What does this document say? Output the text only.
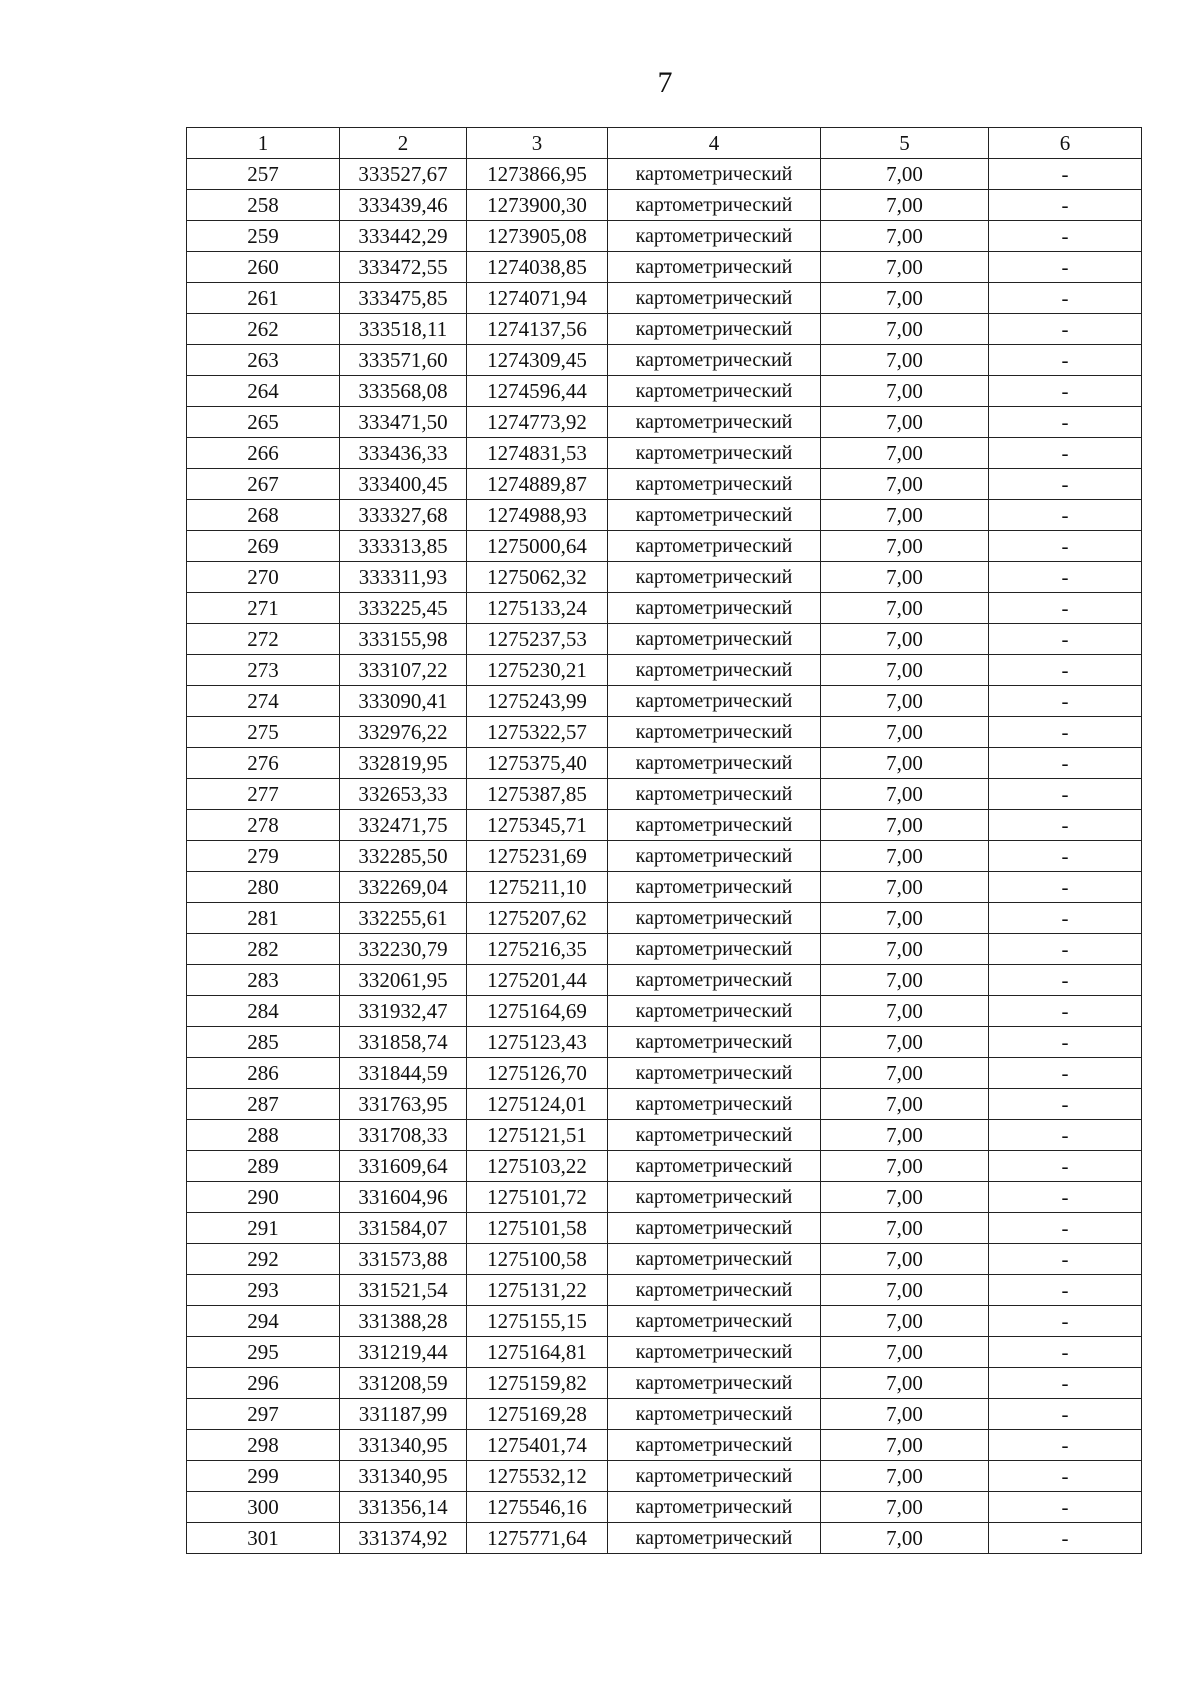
7
1	2	3	4	5	6
257	333527,67	1273866,95	картометрический	7,00	-
258	333439,46	1273900,30	картометрический	7,00	-
259	333442,29	1273905,08	картометрический	7,00	-
260	333472,55	1274038,85	картометрический	7,00	-
261	333475,85	1274071,94	картометрический	7,00	-
262	333518,11	1274137,56	картометрический	7,00	-
263	333571,60	1274309,45	картометрический	7,00	-
264	333568,08	1274596,44	картометрический	7,00	-
265	333471,50	1274773,92	картометрический	7,00	-
266	333436,33	1274831,53	картометрический	7,00	-
267	333400,45	1274889,87	картометрический	7,00	-
268	333327,68	1274988,93	картометрический	7,00	-
269	333313,85	1275000,64	картометрический	7,00	-
270	333311,93	1275062,32	картометрический	7,00	-
271	333225,45	1275133,24	картометрический	7,00	-
272	333155,98	1275237,53	картометрический	7,00	-
273	333107,22	1275230,21	картометрический	7,00	-
274	333090,41	1275243,99	картометрический	7,00	-
275	332976,22	1275322,57	картометрический	7,00	-
276	332819,95	1275375,40	картометрический	7,00	-
277	332653,33	1275387,85	картометрический	7,00	-
278	332471,75	1275345,71	картометрический	7,00	-
279	332285,50	1275231,69	картометрический	7,00	-
280	332269,04	1275211,10	картометрический	7,00	-
281	332255,61	1275207,62	картометрический	7,00	-
282	332230,79	1275216,35	картометрический	7,00	-
283	332061,95	1275201,44	картометрический	7,00	-
284	331932,47	1275164,69	картометрический	7,00	-
285	331858,74	1275123,43	картометрический	7,00	-
286	331844,59	1275126,70	картометрический	7,00	-
287	331763,95	1275124,01	картометрический	7,00	-
288	331708,33	1275121,51	картометрический	7,00	-
289	331609,64	1275103,22	картометрический	7,00	-
290	331604,96	1275101,72	картометрический	7,00	-
291	331584,07	1275101,58	картометрический	7,00	-
292	331573,88	1275100,58	картометрический	7,00	-
293	331521,54	1275131,22	картометрический	7,00	-
294	331388,28	1275155,15	картометрический	7,00	-
295	331219,44	1275164,81	картометрический	7,00	-
296	331208,59	1275159,82	картометрический	7,00	-
297	331187,99	1275169,28	картометрический	7,00	-
298	331340,95	1275401,74	картометрический	7,00	-
299	331340,95	1275532,12	картометрический	7,00	-
300	331356,14	1275546,16	картометрический	7,00	-
301	331374,92	1275771,64	картометрический	7,00	-
